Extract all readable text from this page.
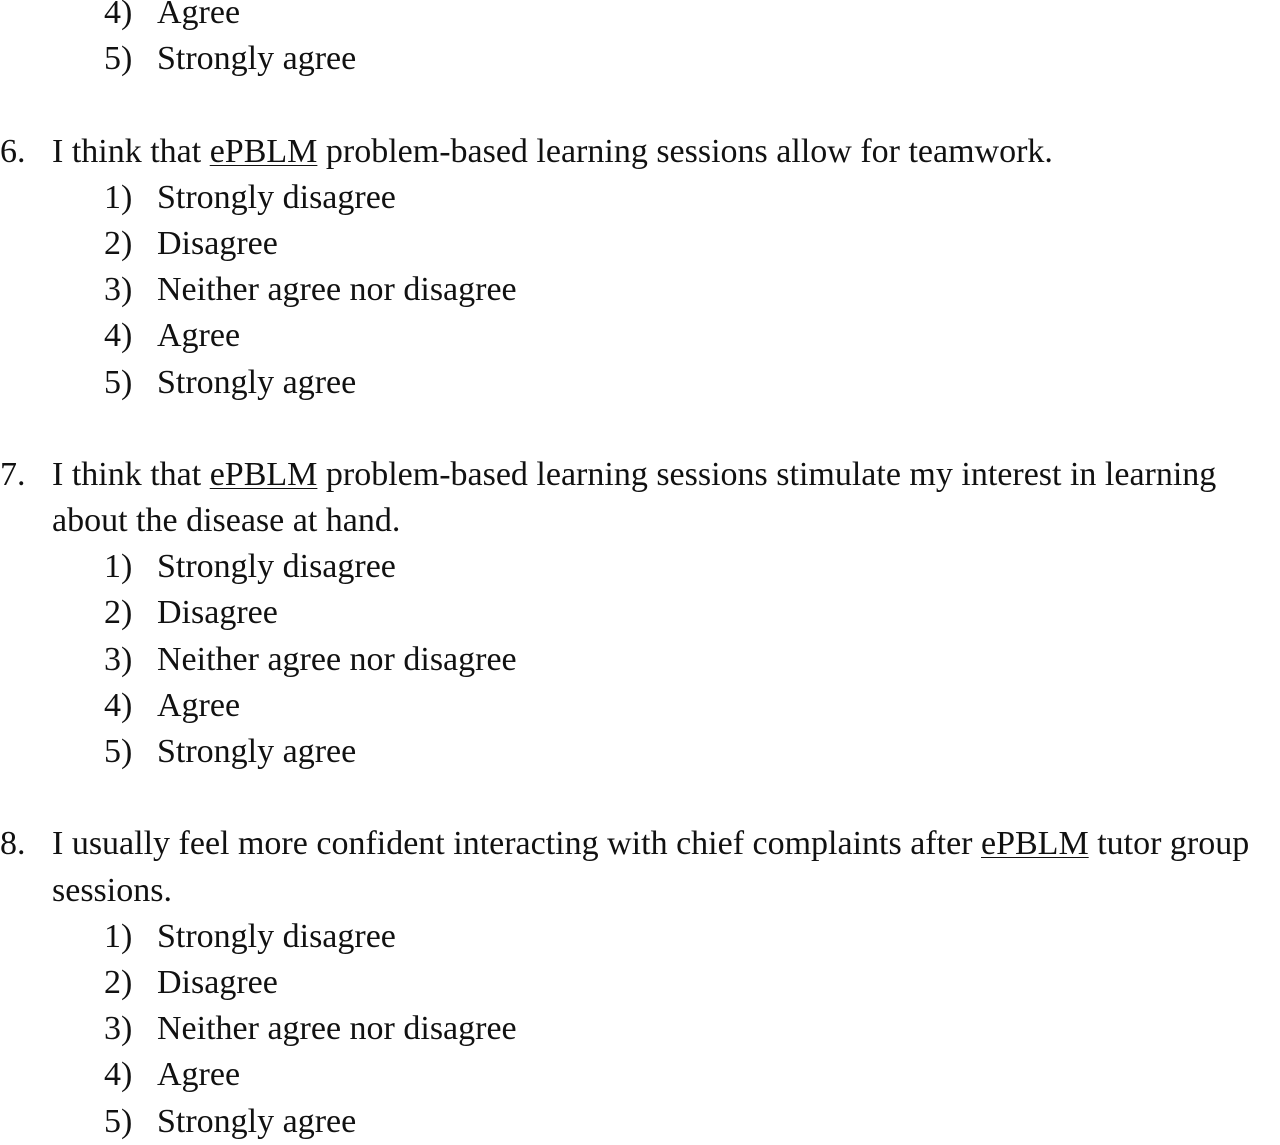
4) Agree
5) Strongly agree
6. I think that ePBLM problem-based learning sessions allow for teamwork.
1) Strongly disagree
2) Disagree
3) Neither agree nor disagree
4) Agree
5) Strongly agree
7. I think that ePBLM problem-based learning sessions stimulate my interest in learning
about the disease at hand.
1) Strongly disagree
2) Disagree
3) Neither agree nor disagree
4) Agree
5) Strongly agree
8. I usually feel more confident interacting with chief complaints after ePBLM tutor group
sessions.
1) Strongly disagree
2) Disagree
3) Neither agree nor disagree
4) Agree
5) Strongly agree
